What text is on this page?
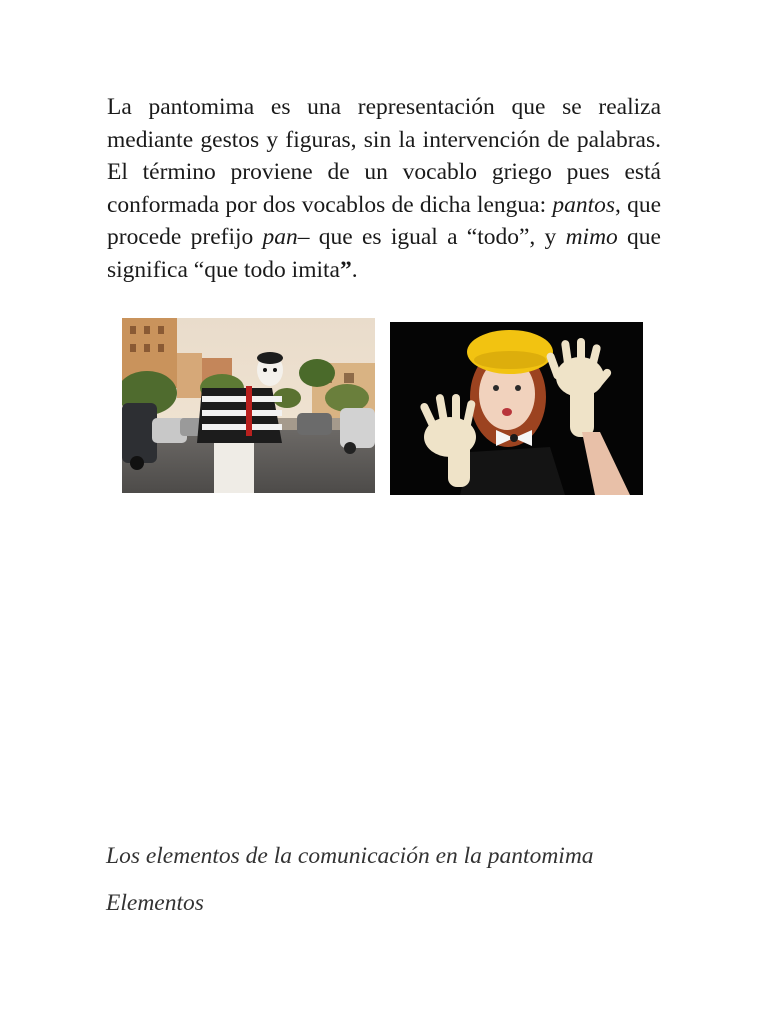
La pantomima es una representación que se realiza mediante gestos y figuras, sin la intervención de palabras. El término proviene de un vocablo griego pues está conformada por dos vocablos de dicha lengua: pantos, que procede prefijo pan– que es igual a “todo”, y mimo que significa “que todo imita”.

Los elementos de la comunicación en la pantomima
Elementos
